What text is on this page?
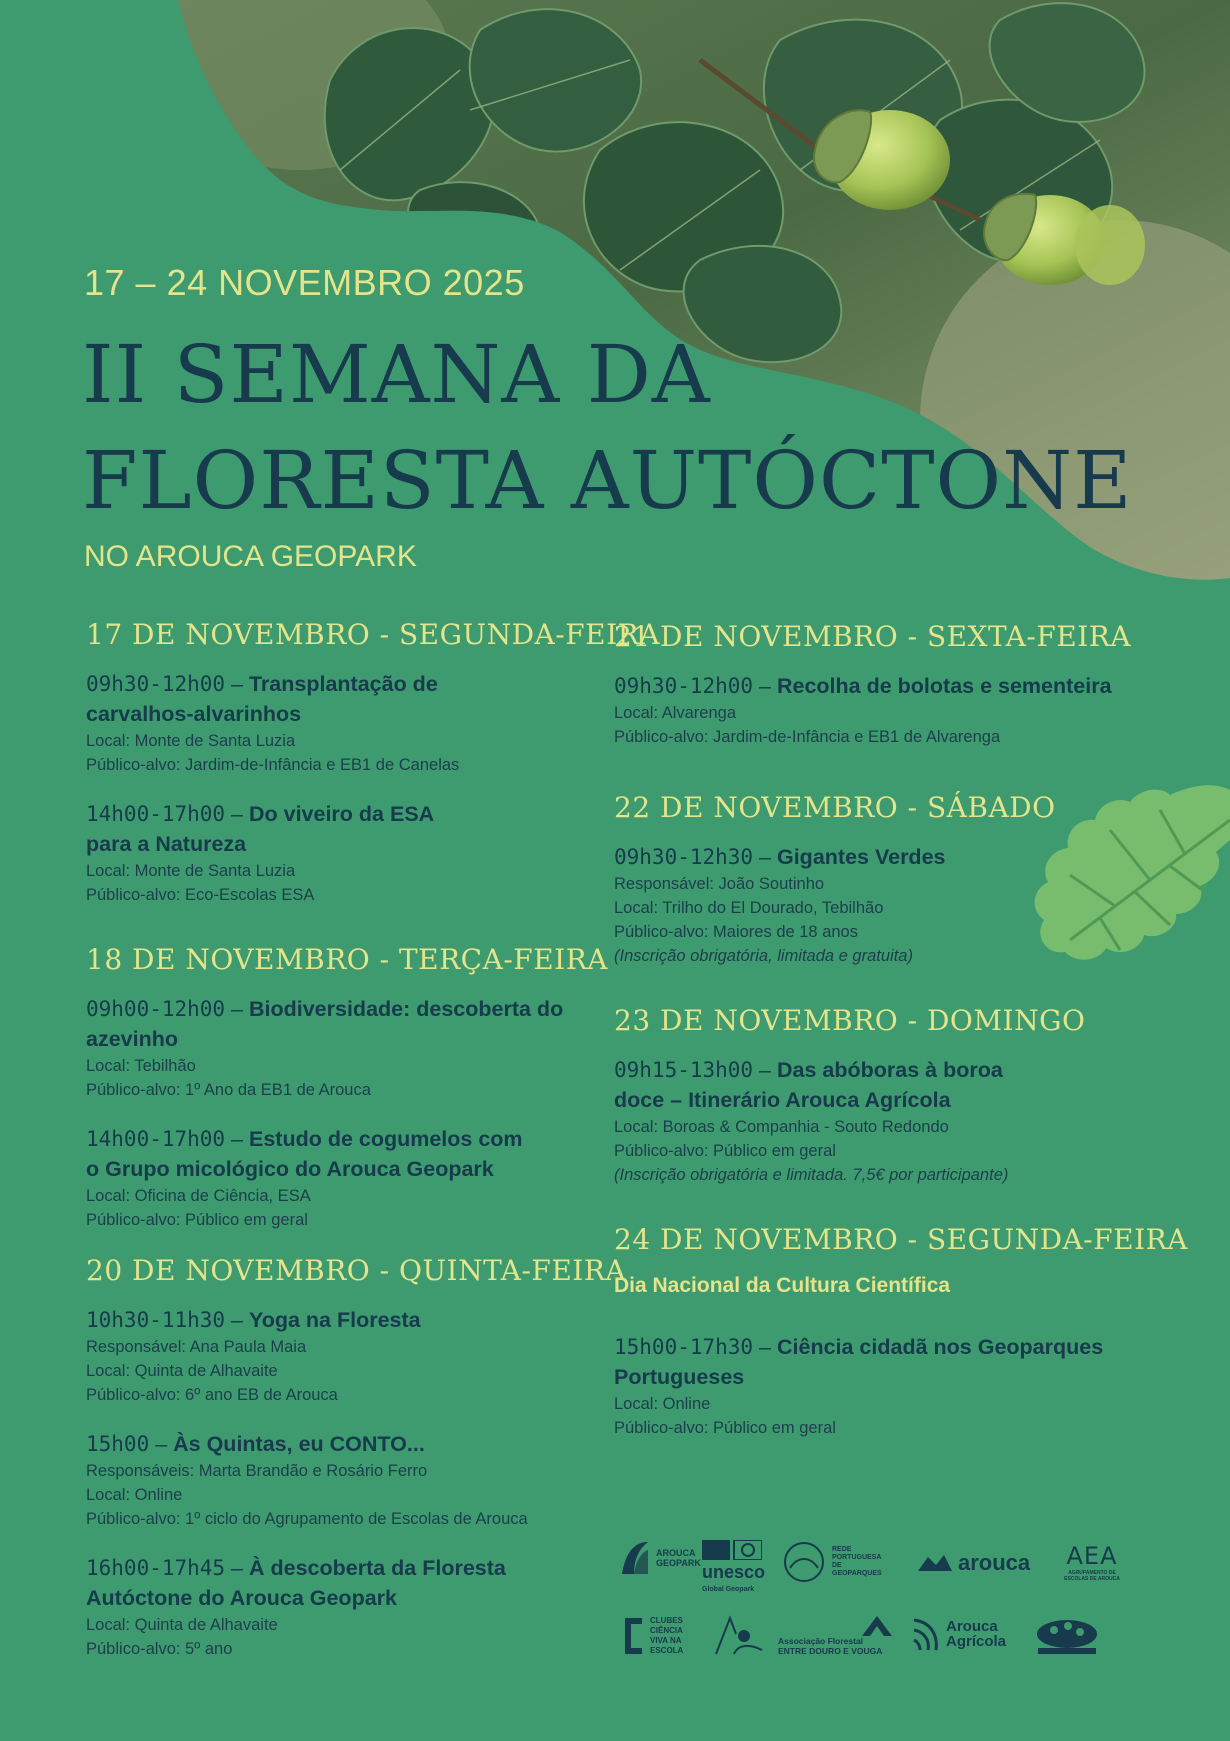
17 – 24 NOVEMBRO 2025
II SEMANA DA
FLORESTA AUTÓCTONE
NO AROUCA GEOPARK
17 DE NOVEMBRO - SEGUNDA-FEIRA
09h30-12h00 – Transplantação de
carvalhos-alvarinhos
Local: Monte de Santa Luzia
Público-alvo: Jardim-de-Infância e EB1 de Canelas
14h00-17h00 – Do viveiro da ESA
para a Natureza
Local: Monte de Santa Luzia
Público-alvo: Eco-Escolas ESA
18 DE NOVEMBRO - TERÇA-FEIRA
09h00-12h00 – Biodiversidade: descoberta do azevinho
Local: Tebilhão
Público-alvo: 1º Ano da EB1 de Arouca
14h00-17h00 – Estudo de cogumelos com
o Grupo micológico do Arouca Geopark
Local: Oficina de Ciência, ESA
Público-alvo: Público em geral
20 DE NOVEMBRO - QUINTA-FEIRA
10h30-11h30 – Yoga na Floresta
Responsável: Ana Paula Maia
Local: Quinta de Alhavaite
Público-alvo: 6º ano EB de Arouca
15h00 – Às Quintas, eu CONTO...
Responsáveis: Marta Brandão e Rosário Ferro
Local: Online
Público-alvo: 1º ciclo do Agrupamento de Escolas de Arouca
16h00-17h45 – À descoberta da Floresta
Autóctone do Arouca Geopark
Local: Quinta de Alhavaite
Público-alvo: 5º ano
21 DE NOVEMBRO - SEXTA-FEIRA
09h30-12h00 – Recolha de bolotas e sementeira
Local: Alvarenga
Público-alvo: Jardim-de-Infância e EB1 de Alvarenga
22 DE NOVEMBRO - SÁBADO
09h30-12h30 – Gigantes Verdes
Responsável: João Soutinho
Local: Trilho do El Dourado, Tebilhão
Público-alvo: Maiores de 18 anos
(Inscrição obrigatória, limitada e gratuita)
23 DE NOVEMBRO - DOMINGO
09h15-13h00 – Das abóboras à boroa
doce – Itinerário Arouca Agrícola
Local: Boroas & Companhia - Souto Redondo
Público-alvo: Público em geral
(Inscrição obrigatória e limitada. 7,5€ por participante)
24 DE NOVEMBRO - SEGUNDA-FEIRA
Dia Nacional da Cultura Científica
15h00-17h30 – Ciência cidadã nos Geoparques Portugueses
Local: Online
Público-alvo: Público em geral
AROUCA GEOPARK unesco
Global Geopark
REDE PORTUGUESA DE GEOPARQUES	arouca AEA
AGRUPAMENTO DE ESCOLAS DE AROUCA
CLUBES CIÊNCIA VIVA NA ESCOLA
Associação Florestal
ENTRE DOURO E VOUGA
Arouca
Agrícola
